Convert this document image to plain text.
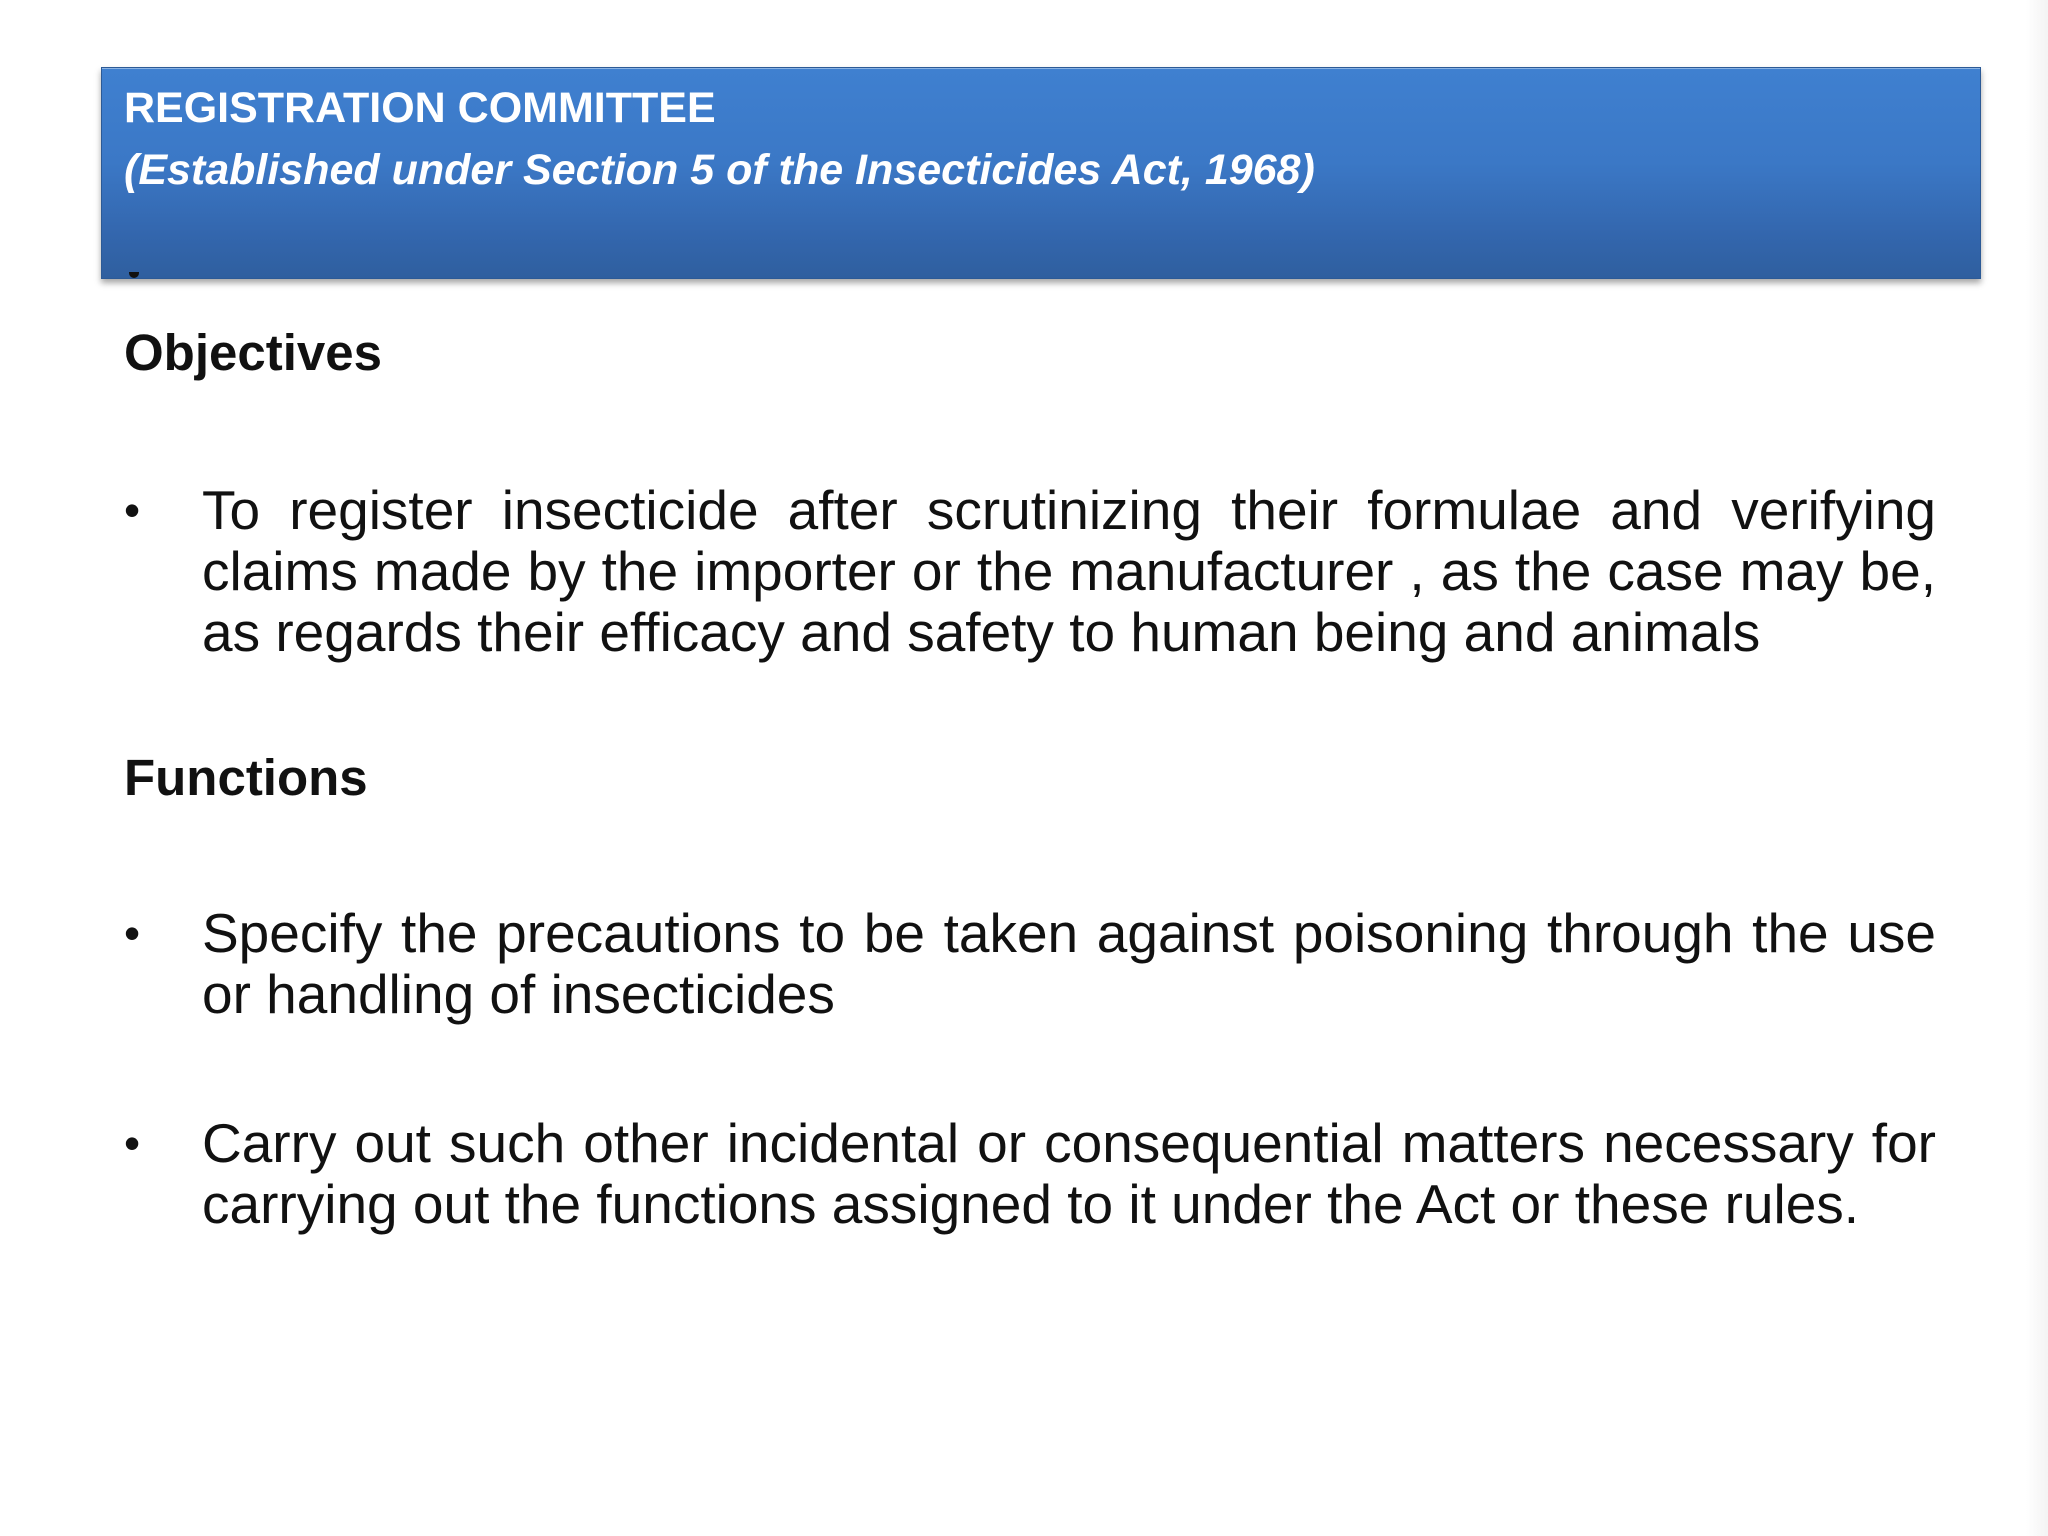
REGISTRATION COMMITTEE
(Established under Section 5 of the Insecticides Act, 1968)
Objectives
•	To register insecticide after scrutinizing their formulae and verifying claims made by the importer or the manufacturer , as the case may be, as regards their efficacy and safety to human being and animals
Functions
•	Specify the precautions to be taken against poisoning through the use or handling of insecticides
•	Carry out such other incidental or consequential matters necessary for carrying out the functions assigned to it under the Act or these rules.
